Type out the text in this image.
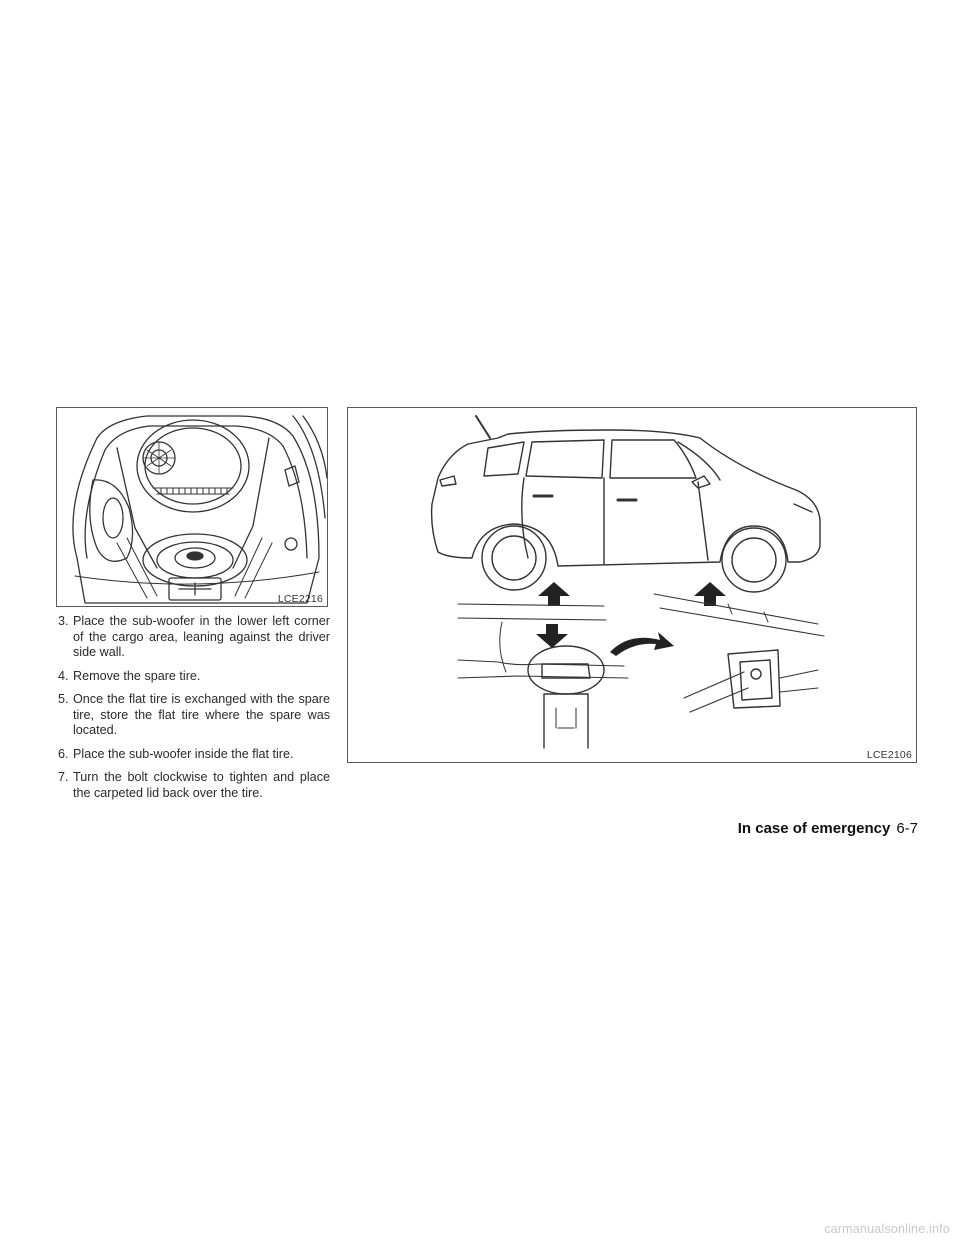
LCE2216
LCE2106
3. Place the sub-woofer in the lower left corner of the cargo area, leaning against the driver side wall.
4. Remove the spare tire.
5. Once the flat tire is exchanged with the spare tire, store the flat tire where the spare was located.
6. Place the sub-woofer inside the flat tire.
7. Turn the bolt clockwise to tighten and place the carpeted lid back over the tire.
In case of emergency 6-7
carmanualsonline.info
